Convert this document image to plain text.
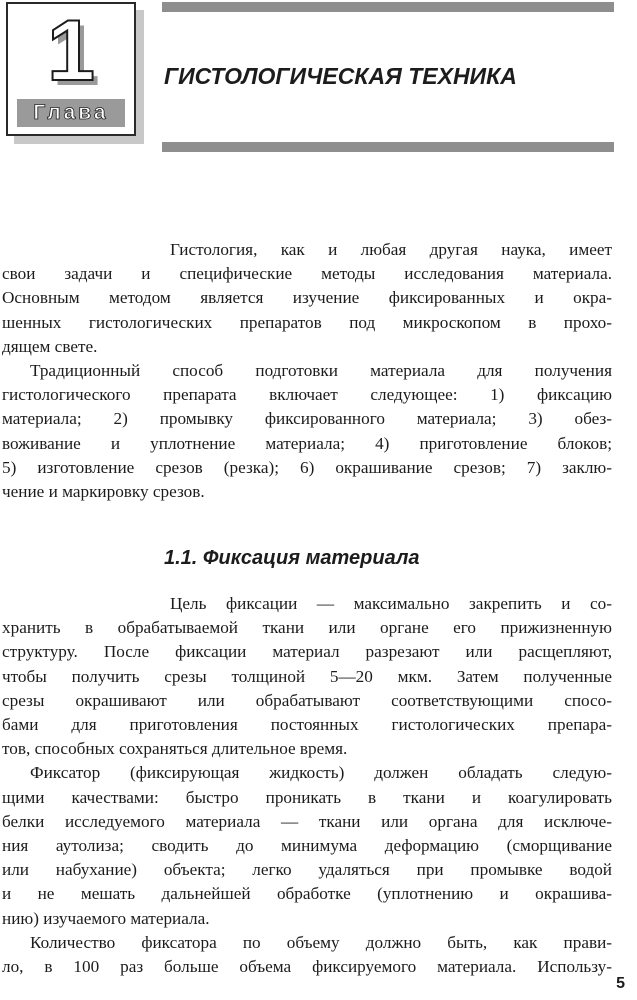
1
Глава
ГИСТОЛОГИЧЕСКАЯ ТЕХНИКА

Гистология, как и любая другая наука, имеет
свои задачи и специфические методы исследования материала.
Основным методом является изучение фиксированных и окра-
шенных гистологических препаратов под микроскопом в прохо-
дящем свете.

Традиционный способ подготовки материала для получения
гистологического препарата включает следующее: 1) фиксацию
материала; 2) промывку фиксированного материала; 3) обез-
воживание и уплотнение материала; 4) приготовление блоков;
5) изготовление срезов (резка); 6) окрашивание срезов; 7) заклю-
чение и маркировку срезов.

1.1. Фиксация материала

Цель фиксации — максимально закрепить и со-
хранить в обрабатываемой ткани или органе его прижизненную
структуру. После фиксации материал разрезают или расщепляют,
чтобы получить срезы толщиной 5—20 мкм. Затем полученные
срезы окрашивают или обрабатывают соответствующими спосо-
бами для приготовления постоянных гистологических препара-
тов, способных сохраняться длительное время.

Фиксатор (фиксирующая жидкость) должен обладать следую-
щими качествами: быстро проникать в ткани и коагулировать
белки исследуемого материала — ткани или органа для исключе-
ния аутолиза; сводить до минимума деформацию (сморщивание
или набухание) объекта; легко удаляться при промывке водой
и не мешать дальнейшей обработке (уплотнению и окрашива-
нию) изучаемого материала.

Количество фиксатора по объему должно быть, как прави-
ло, в 100 раз больше объема фиксируемого материала. Использу-

5
